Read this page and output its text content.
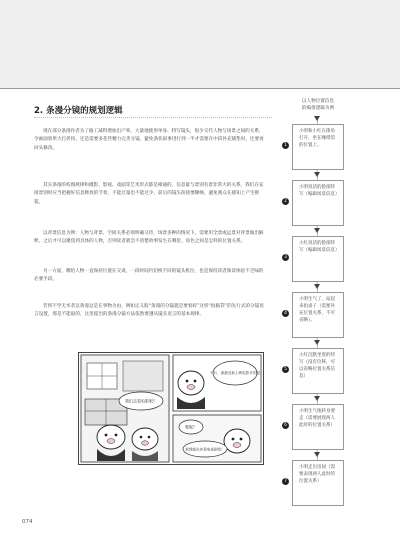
2. 条漫分镜的规划逻辑

现在部分条漫作者为了偷工减料增加出产率，大量地使用单身、特写镜头，很少交代人物与场景之间的关系，令画面效果大打折扣，还是需要多花些精力完善分镜，避免条状叙事进行到一半才需要在中段补充铺垫时，还要再回头修改。

其实条漫的构图规律和摄影、影视、戏剧等艺术形式都是相通的。信息量与景别有着非常大的关系，我们在安排景别时应当把握好信息释放的节奏，不能过量也不能过少，前后的镜头衔接要顺畅，避免观众在感知上产生断裂。

以背景信息为例：人物与背景、空间关系必须明确交待，场景多种的情况下，需要用全景或远景对背景做出解释，之后才可以聚焦到具体的人物，否则读者就会不清楚故事发生在哪里、角色之间是怎样的位置关系。

另一方面，哪怕人物一直保持位置在交谈，一段时间内切换不同的镜头机位，也是保持读者阅读体验不乏味的必要手段。

若将不学无术者以条漫总是在事物为由，例如定义般“条漫的分镜就是要看碎”这样“拍脑袋”的先行式的分镜语言设置，那是不能取的，这里提出的条漫分镜方法依然要遵从镜头语言的基本规律。

我们去看电影吧？
不行，那最近新上映电影多的是
嗯呢？
那我就在家看电视剧吧！
074
以人物位置信息
的编排逻辑为例
1
小明和小红在街角打开，坐在咖啡馆的位置上。
2
小明说话的脸部特写（编辑场景信息）
3
小红说话的脸部特写（编辑场景信息）
4
小明生气了，站起来拍桌子（需要补充位置关系，不可省略）。
5
小红沉默坐着的特写（没有位移，可以省略位置关系信息）
6
小明生气地转身要走（需要展现两人此时的位置关系）
7
小明走出房间（需要表现两人此时的位置关系）
